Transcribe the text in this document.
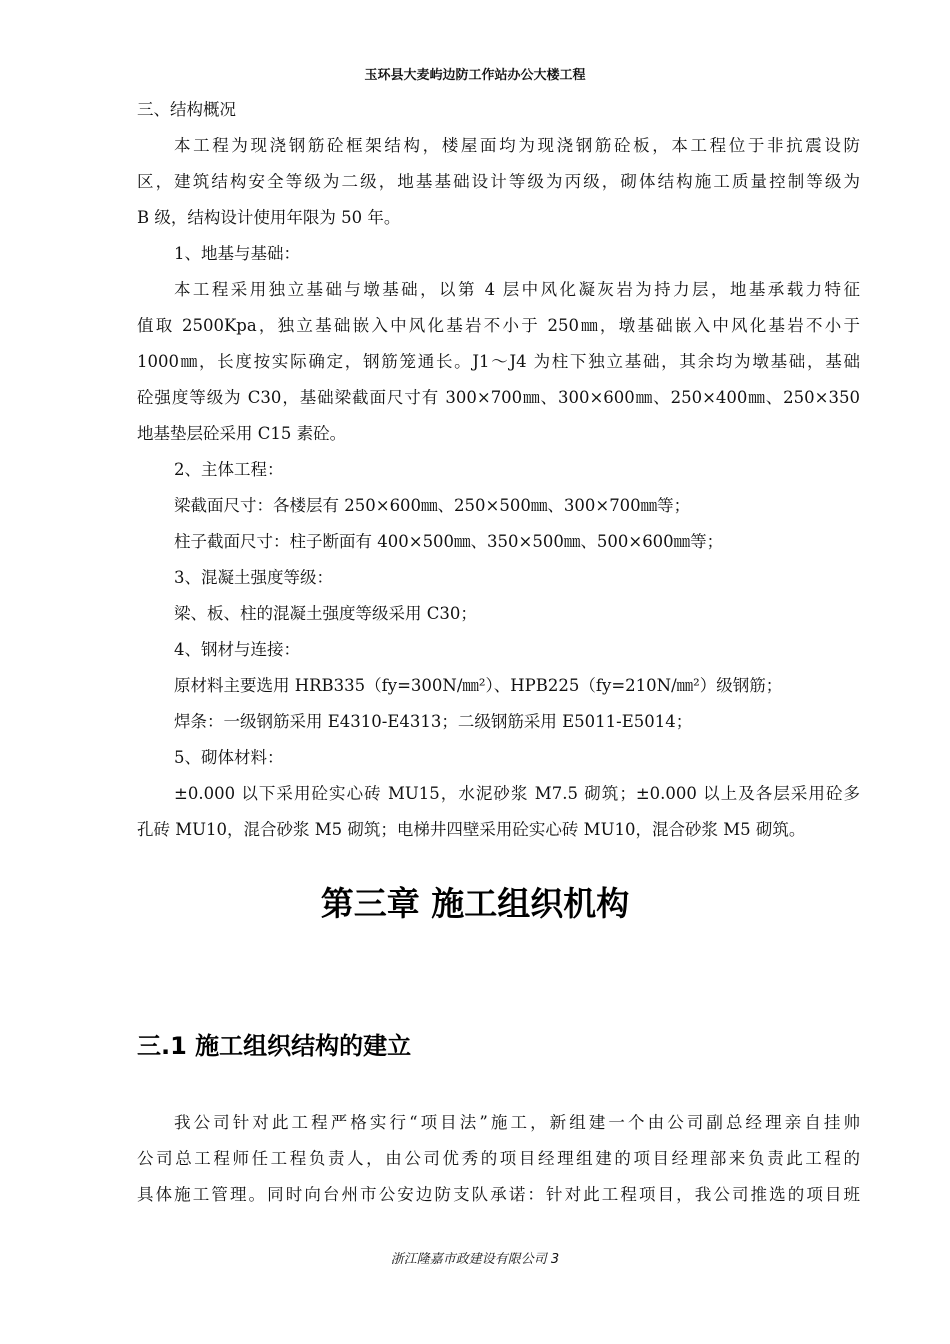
玉环县大麦屿边防工作站办公大楼工程
三、结构概况
本工程为现浇钢筋砼框架结构，楼屋面均为现浇钢筋砼板，本工程位于非抗震设防
区，建筑结构安全等级为二级，地基基础设计等级为丙级，砌体结构施工质量控制等级为
B 级，结构设计使用年限为 50 年。
1、地基与基础：
本工程采用独立基础与墩基础，以第 4 层中风化凝灰岩为持力层，地基承载力特征
值取 2500Kpa，独立基础嵌入中风化基岩不小于 250㎜，墩基础嵌入中风化基岩不小于
1000㎜，长度按实际确定，钢筋笼通长。J1～J4 为柱下独立基础，其余均为墩基础，基础
砼强度等级为 C30，基础梁截面尺寸有 300×700㎜、300×600㎜、250×400㎜、250×350
地基垫层砼采用 C15 素砼。
2、主体工程：
梁截面尺寸：各楼层有 250×600㎜、250×500㎜、300×700㎜等；
柱子截面尺寸：柱子断面有 400×500㎜、350×500㎜、500×600㎜等；
3、混凝土强度等级：
梁、板、柱的混凝土强度等级采用 C30；
4、钢材与连接：
原材料主要选用 HRB335（fy=300N/㎜²）、HPB225（fy=210N/㎜²）级钢筋；
焊条：一级钢筋采用 E4310-E4313；二级钢筋采用 E5011-E5014；
5、砌体材料：
±0.000 以下采用砼实心砖 MU15，水泥砂浆 M7.5 砌筑；±0.000 以上及各层采用砼多
孔砖 MU10，混合砂浆 M5 砌筑；电梯井四壁采用砼实心砖 MU10，混合砂浆 M5 砌筑。
第三章 施工组织机构
三.1 施工组织结构的建立
我公司针对此工程严格实行“项目法”施工，新组建一个由公司副总经理亲自挂帅
公司总工程师任工程负责人，由公司优秀的项目经理组建的项目经理部来负责此工程的
具体施工管理。同时向台州市公安边防支队承诺：针对此工程项目，我公司推选的项目班
浙江隆嘉市政建设有限公司 3
